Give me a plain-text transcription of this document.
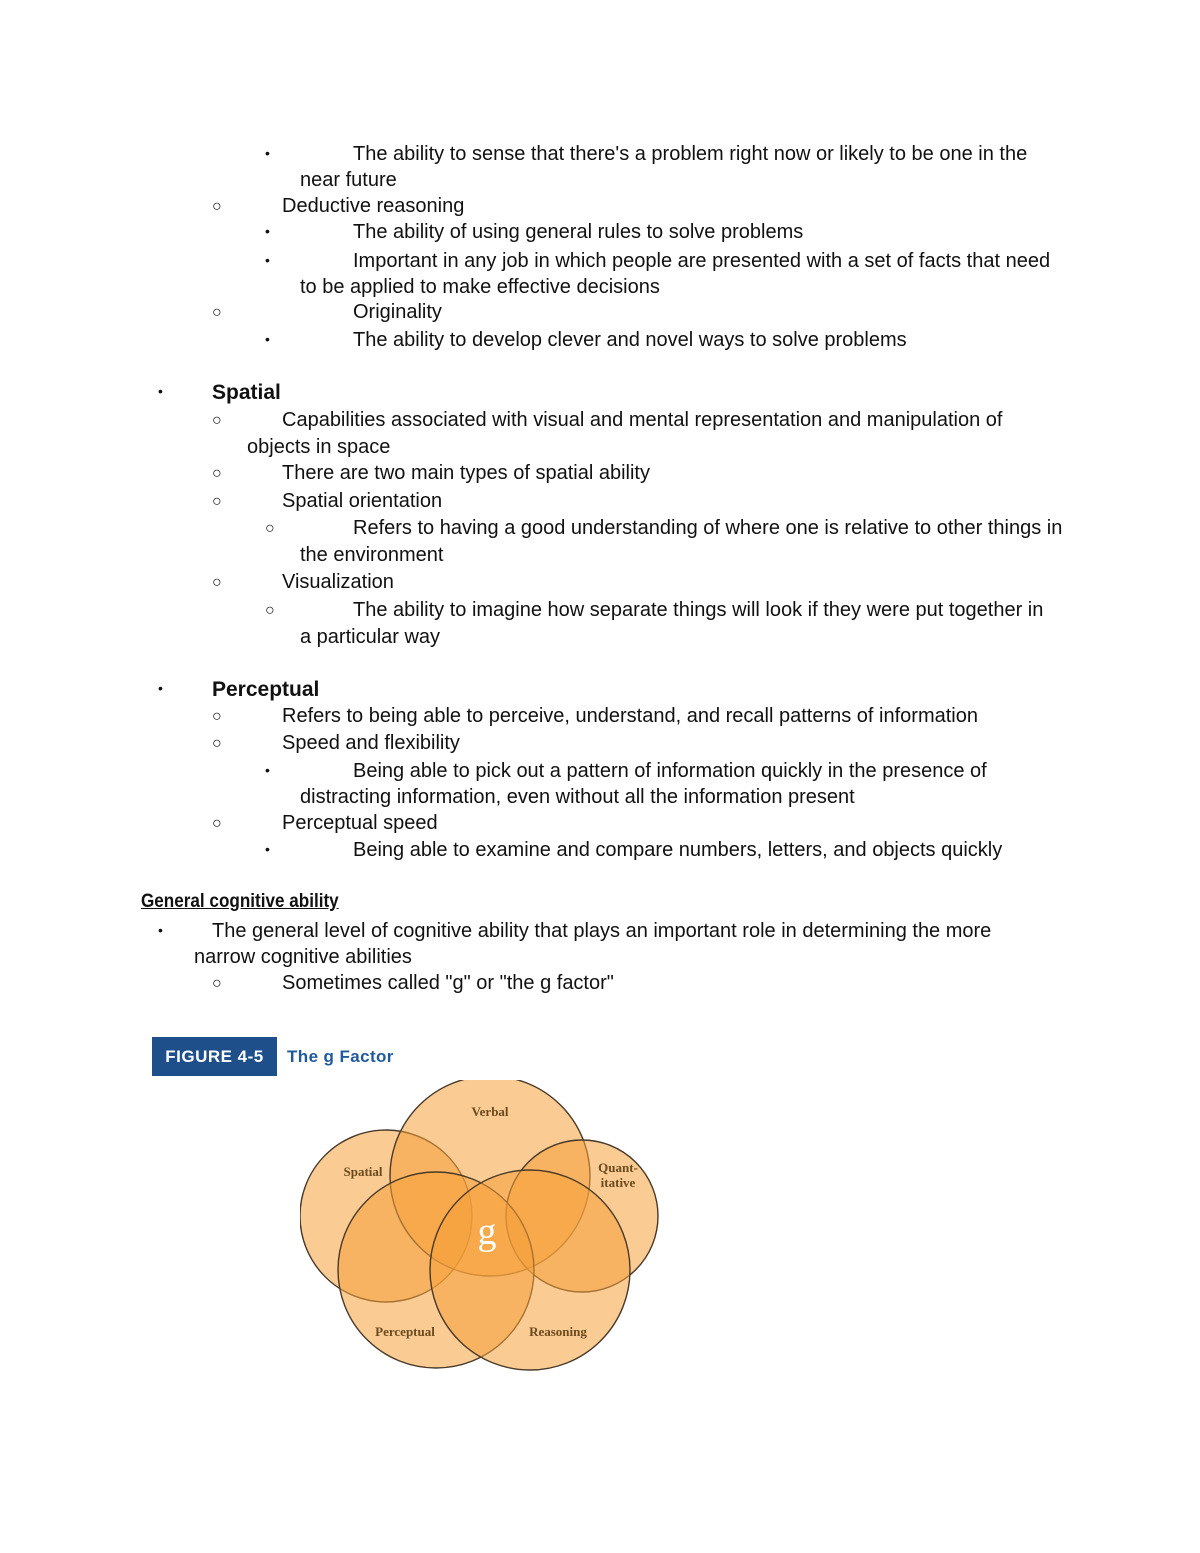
•	The ability to sense that there's a problem right now or likely to be one in the
near future
○	Deductive reasoning
•	The ability of using general rules to solve problems
•	Important in any job in which people are presented with a set of facts that need
to be applied to make effective decisions
○	Originality
•	The ability to develop clever and novel ways to solve problems
• Spatial
○	Capabilities associated with visual and mental representation and manipulation of
objects in space
○	There are two main types of spatial ability
○	Spatial orientation
○	Refers to having a good understanding of where one is relative to other things in
the environment
○	Visualization
○	The ability to imagine how separate things will look if they were put together in
a particular way
• Perceptual
○	Refers to being able to perceive, understand, and recall patterns of information
○	Speed and flexibility
•	Being able to pick out a pattern of information quickly in the presence of
distracting information, even without all the information present
○	Perceptual speed
•	Being able to examine and compare numbers, letters, and objects quickly
General cognitive ability
• The general level of cognitive ability that plays an important role in determining the more
narrow cognitive abilities
○	Sometimes called "g" or "the g factor"
FIGURE 4-5	The g Factor
Verbal
Spatial	Quant-
itative
Perceptual	Reasoning
g
